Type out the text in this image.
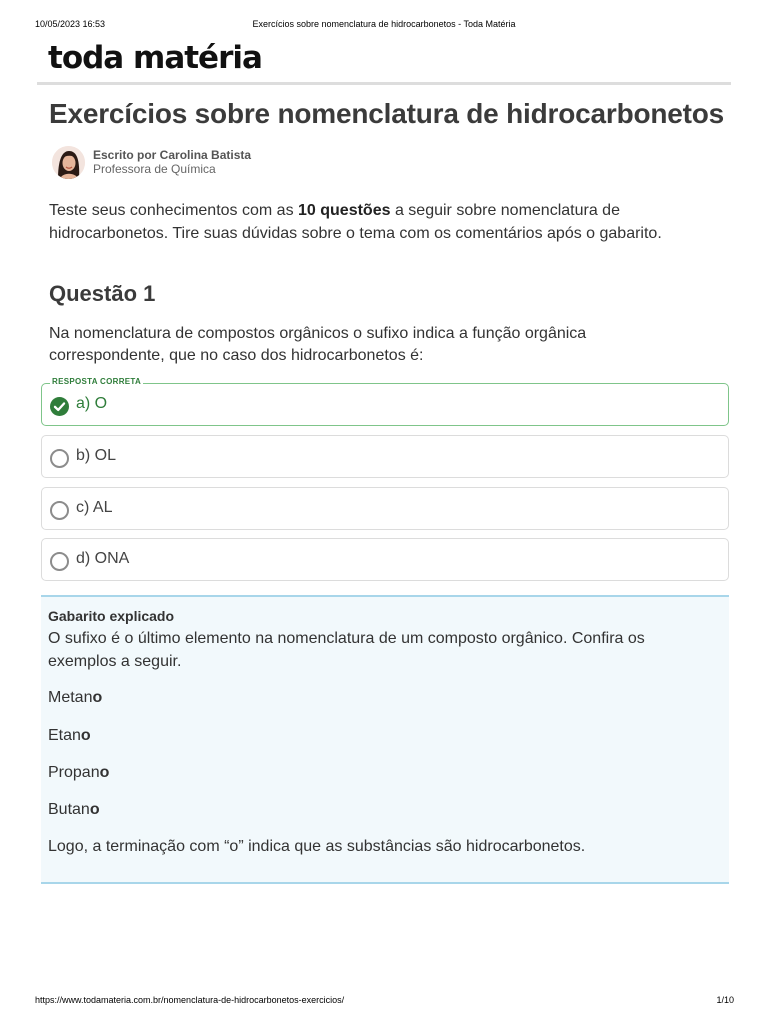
10/05/2023 16:53	Exercícios sobre nomenclatura de hidrocarbonetos - Toda Matéria
toda matéria
Exercícios sobre nomenclatura de hidrocarbonetos
Escrito por Carolina Batista
Professora de Química

Teste seus conhecimentos com as 10 questões a seguir sobre nomenclatura de hidrocarbonetos. Tire suas dúvidas sobre o tema com os comentários após o gabarito.

Questão 1

Na nomenclatura de compostos orgânicos o sufixo indica a função orgânica correspondente, que no caso dos hidrocarbonetos é:

RESPOSTA CORRETA
a) O
b) OL
c) AL
d) ONA
Gabarito explicado

O sufixo é o último elemento na nomenclatura de um composto orgânico. Confira os exemplos a seguir.

Metano
Etano
Propano
Butano

Logo, a terminação com “o” indica que as substâncias são hidrocarbonetos.

https://www.todamateria.com.br/nomenclatura-de-hidrocarbonetos-exercicios/	1/10
